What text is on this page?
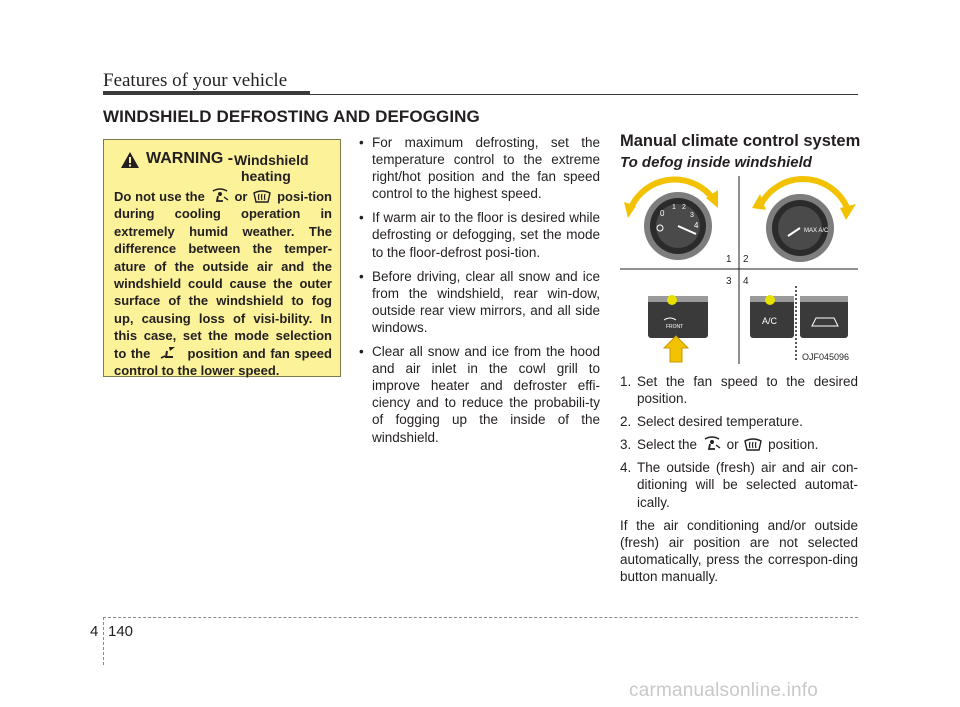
Features of your vehicle
WINDSHIELD DEFROSTING AND DEFOGGING
WARNING - Windshield
heating
Do not use the or posi-tion during cooling operation in extremely humid weather. The difference between the temper-ature of the outside air and the windshield could cause the outer surface of the windshield to fog up, causing loss of visi-bility. In this case, set the mode selection to the	position and fan speed control to the lower speed.
• For maximum defrosting, set the temperature control to the extreme right/hot position and the fan speed control to the highest speed.
• If warm air to the floor is desired while defrosting or defogging, set the mode to the floor-defrost posi-tion.
• Before driving, clear all snow and ice from the windshield, rear win-dow, outside rear view mirrors, and all side windows.
• Clear all snow and ice from the hood and air inlet in the cowl grill to improve heater and defroster effi-ciency and to reduce the probabili-ty of fogging up the inside of the windshield.
Manual climate control system
To defog inside windshield
0
1 2
3
4
MAX A/C
1 2
3 4
FRONT
A/C
OJF045096
1. Set the fan speed to the desired position.
2. Select desired temperature.
3. Select the or position.
4. The outside (fresh) air and air con-ditioning will be selected automat-ically.

If the air conditioning and/or outside (fresh) air position are not selected automatically, press the correspon-ding button manually.

4 140
carmanualsonline.info
